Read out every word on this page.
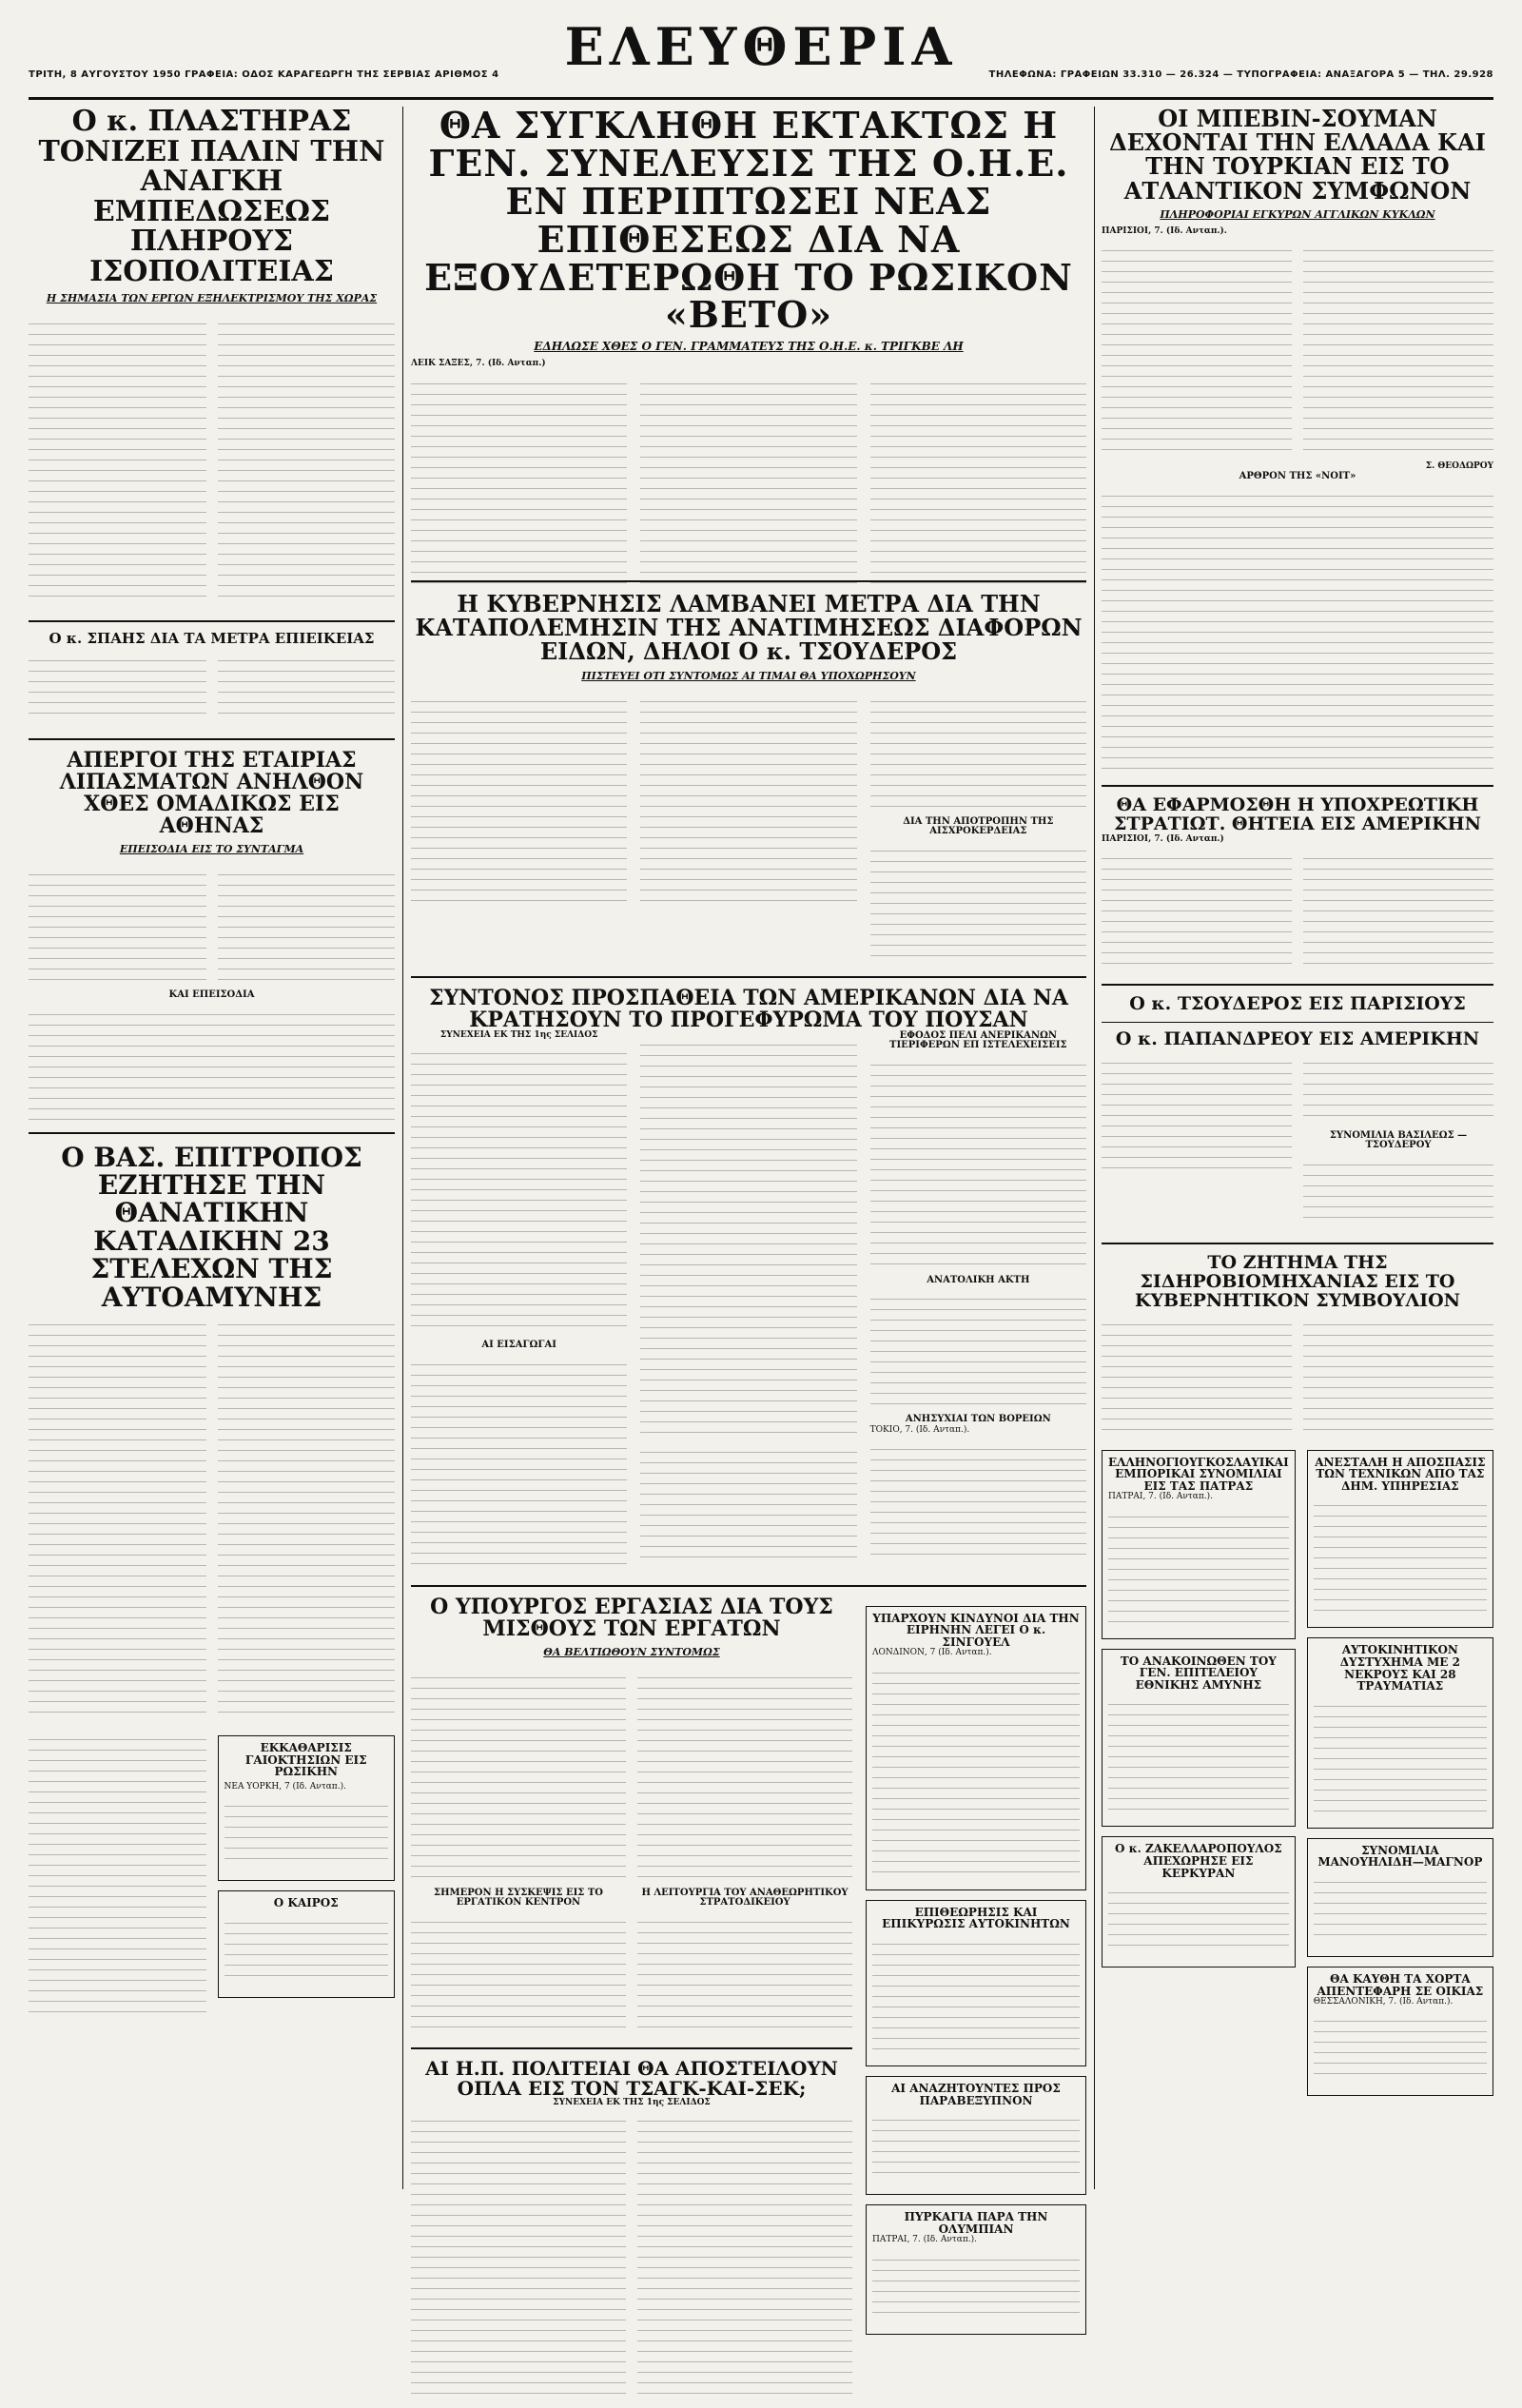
ΕΛΕΥΘΕΡΙΑ
ΤΡΙΤΗ, 8 ΑΥΓΟΥΣΤΟΥ 1950 ΓΡΑΦΕΙΑ: ΟΔΟΣ ΚΑΡΑΓΕΩΡΓΗ ΤΗΣ ΣΕΡΒΙΑΣ ΑΡΙΘΜΟΣ 4	ΤΗΛΕΦΩΝΑ: ΓΡΑΦΕΙΩΝ 33.310 — 26.324 — ΤΥΠΟΓΡΑΦΕΙΑ: ΑΝΑΞΑΓΟΡΑ 5 — ΤΗΛ. 29.928
Ο κ. ΠΛΑΣΤΗΡΑΣ ΤΟΝΙΖΕΙ ΠΑΛΙΝ ΤΗΝ ΑΝΑΓΚΗ ΕΜΠΕΔΩΣΕΩΣ ΠΛΗΡΟΥΣ ΙΣΟΠΟΛΙΤΕΙΑΣ
Η ΣΗΜΑΣΙΑ ΤΩΝ ΕΡΓΩΝ ΕΞΗΛΕΚΤΡΙΣΜΟΥ ΤΗΣ ΧΩΡΑΣ
Ο κ. ΣΠΑΗΣ ΔΙΑ ΤΑ ΜΕΤΡΑ ΕΠΙΕΙΚΕΙΑΣ
ΑΠΕΡΓΟΙ ΤΗΣ ΕΤΑΙΡΙΑΣ ΛΙΠΑΣΜΑΤΩΝ ΑΝΗΛΘΟΝ ΧΘΕΣ ΟΜΑΔΙΚΩΣ ΕΙΣ ΑΘΗΝΑΣ
ΕΠΕΙΣΟΔΙΑ ΕΙΣ ΤΟ ΣΥΝΤΑΓΜΑ
ΚΑΙ ΕΠΕΙΣΟΔΙΑ
Ο ΒΑΣ. ΕΠΙΤΡΟΠΟΣ ΕΖΗΤΗΣΕ ΤΗΝ ΘΑΝΑΤΙΚΗΝ ΚΑΤΑΔΙΚΗΝ 23 ΣΤΕΛΕΧΩΝ ΤΗΣ ΑΥΤΟΑΜΥΝΗΣ
ΕΚΚΑΘΑΡΙΣΙΣ ΓΑΙΟΚΤΗΣΙΩΝ ΕΙΣ ΡΩΣΙΚΗΝ
ΝΕΑ ΥΟΡΚΗ, 7 (Ιδ. Ανταπ.).
Ο ΚΑΙΡΟΣ
ΘΑ ΣΥΓΚΛΗΘΗ ΕΚΤΑΚΤΩΣ Η ΓΕΝ. ΣΥΝΕΛΕΥΣΙΣ ΤΗΣ Ο.Η.Ε. ΕΝ ΠΕΡΙΠΤΩΣΕΙ ΝΕΑΣ ΕΠΙΘΕΣΕΩΣ ΔΙΑ ΝΑ ΕΞΟΥΔΕΤΕΡΩΘΗ ΤΟ ΡΩΣΙΚΟΝ «ΒΕΤΟ»
ΕΔΗΛΩΣΕ ΧΘΕΣ Ο ΓΕΝ. ΓΡΑΜΜΑΤΕΥΣ ΤΗΣ Ο.Η.Ε. κ. ΤΡΙΓΚΒΕ ΛΗ
ΛΕΙΚ ΣΑΞΕΣ, 7. (Ιδ. Ανταπ.)
Η ΚΥΒΕΡΝΗΣΙΣ ΛΑΜΒΑΝΕΙ ΜΕΤΡΑ ΔΙΑ ΤΗΝ ΚΑΤΑΠΟΛΕΜΗΣΙΝ ΤΗΣ ΑΝΑΤΙΜΗΣΕΩΣ ΔΙΑΦΟΡΩΝ ΕΙΔΩΝ, ΔΗΛΟΙ Ο κ. ΤΣΟΥΔΕΡΟΣ
ΠΙΣΤΕΥΕΙ ΟΤΙ ΣΥΝΤΟΜΩΣ ΑΙ ΤΙΜΑΙ ΘΑ ΥΠΟΧΩΡΗΣΟΥΝ
ΔΙΑ ΤΗΝ ΑΠΟΤΡΟΠΗΝ ΤΗΣ ΑΙΣΧΡΟΚΕΡΔΕΙΑΣ
ΣΥΝΤΟΝΟΣ ΠΡΟΣΠΑΘΕΙΑ ΤΩΝ ΑΜΕΡΙΚΑΝΩΝ ΔΙΑ ΝΑ ΚΡΑΤΗΣΟΥΝ ΤΟ ΠΡΟΓΕΦΥΡΩΜΑ ΤΟΥ ΠΟΥΣΑΝ
ΣΥΝΕΧΕΙΑ ΕΚ ΤΗΣ 1ης ΣΕΛΙΔΟΣ
ΑΙ ΕΙΣΑΓΩΓΑΙ
ΕΦΟΔΟΣ ΠΕΛΙ ΑΝΕΡΙΚΑΝΩΝ ΤΙΕΡΙΦΕΡΩΝ ΕΠ ΙΣΤΕΛΕΧΕΙΣΕΙΣ
ΑΝΑΤΟΛΙΚΗ ΑΚΤΗ
ΑΝΗΣΥΧΙΑΙ ΤΩΝ ΒΟΡΕΙΩΝ
ΤΟΚΙΟ, 7. (Ιδ. Ανταπ.).
Ο ΥΠΟΥΡΓΟΣ ΕΡΓΑΣΙΑΣ ΔΙΑ ΤΟΥΣ ΜΙΣΘΟΥΣ ΤΩΝ ΕΡΓΑΤΩΝ
ΘΑ ΒΕΛΤΙΩΘΟΥΝ ΣΥΝΤΟΜΩΣ
ΣΗΜΕΡΟΝ Η ΣΥΣΚΕΨΙΣ ΕΙΣ ΤΟ ΕΡΓΑΤΙΚΟΝ ΚΕΝΤΡΟΝ
Η ΛΕΙΤΟΥΡΓΙΑ ΤΟΥ ΑΝΑΘΕΩΡΗΤΙΚΟΥ ΣΤΡΑΤΟΔΙΚΕΙΟΥ
ΑΙ Η.Π. ΠΟΛΙΤΕΙΑΙ ΘΑ ΑΠΟΣΤΕΙΛΟΥΝ ΟΠΛΑ ΕΙΣ ΤΟΝ ΤΣΑΓΚ-ΚΑΙ-ΣΕΚ;
ΣΥΝΕΧΕΙΑ ΕΚ ΤΗΣ 1ης ΣΕΛΙΔΟΣ
ΥΠΑΡΧΟΥΝ ΚΙΝΔΥΝΟΙ ΔΙΑ ΤΗΝ ΕΙΡΗΝΗΝ ΛΕΓΕΙ Ο κ. ΣΙΝΓΟΥΕΛ
ΛΟΝΔΙΝΟΝ, 7 (Ιδ. Ανταπ.).
ΕΠΙΘΕΩΡΗΣΙΣ ΚΑΙ ΕΠΙΚΥΡΩΣΙΣ ΑΥΤΟΚΙΝΗΤΩΝ
ΑΙ ΑΝΑΖΗΤΟΥΝΤΕΣ ΠΡΟΣ ΠΑΡΑΒΕΞΥΠΝΟΝ
ΠΥΡΚΑΓΙΑ ΠΑΡΑ ΤΗΝ ΟΛΥΜΠΙΑΝ
ΠΑΤΡΑΙ, 7. (Ιδ. Ανταπ.).
ΟΙ ΜΠΕΒΙΝ-ΣΟΥΜΑΝ ΔΕΧΟΝΤΑΙ ΤΗΝ ΕΛΛΑΔΑ ΚΑΙ ΤΗΝ ΤΟΥΡΚΙΑΝ ΕΙΣ ΤΟ ΑΤΛΑΝΤΙΚΟΝ ΣΥΜΦΩΝΟΝ
ΠΛΗΡΟΦΟΡΙΑΙ ΕΓΚΥΡΩΝ ΑΓΓΛΙΚΩΝ ΚΥΚΛΩΝ
ΠΑΡΙΣΙΟΙ, 7. (Ιδ. Ανταπ.).
Σ. ΘΕΟΔΩΡΟΥ
ΑΡΘΡΟΝ ΤΗΣ «ΝΟΙΤ»
ΘΑ ΕΦΑΡΜΟΣΘΗ Η ΥΠΟΧΡΕΩΤΙΚΗ ΣΤΡΑΤΙΩΤ. ΘΗΤΕΙΑ ΕΙΣ ΑΜΕΡΙΚΗΝ
ΠΑΡΙΣΙΟΙ, 7. (Ιδ. Ανταπ.)
Ο κ. ΤΣΟΥΔΕΡΟΣ ΕΙΣ ΠΑΡΙΣΙΟΥΣ
Ο κ. ΠΑΠΑΝΔΡΕΟΥ ΕΙΣ ΑΜΕΡΙΚΗΝ
ΣΥΝΟΜΙΛΙΑ ΒΑΣΙΛΕΩΣ — ΤΣΟΥΔΕΡΟΥ
ΤΟ ΖΗΤΗΜΑ ΤΗΣ ΣΙΔΗΡΟΒΙΟΜΗΧΑΝΙΑΣ ΕΙΣ ΤΟ ΚΥΒΕΡΝΗΤΙΚΟΝ ΣΥΜΒΟΥΛΙΟΝ
ΕΛΛΗΝΟΓΙΟΥΓΚΟΣΛΑΥΙΚΑΙ ΕΜΠΟΡΙΚΑΙ ΣΥΝΟΜΙΛΙΑΙ ΕΙΣ ΤΑΣ ΠΑΤΡΑΣ
ΠΑΤΡΑΙ, 7. (Ιδ. Ανταπ.).
ΤΟ ΑΝΑΚΟΙΝΩΘΕΝ ΤΟΥ ΓΕΝ. ΕΠΙΤΕΛΕΙΟΥ ΕΘΝΙΚΗΣ ΑΜΥΝΗΣ
Ο κ. ΖΑΚΕΛΛΑΡΟΠΟΥΛΟΣ ΑΠΕΧΩΡΗΣΕ ΕΙΣ ΚΕΡΚΥΡΑΝ
ΑΝΕΣΤΑΛΗ Η ΑΠΟΣΠΑΣΙΣ ΤΩΝ ΤΕΧΝΙΚΩΝ ΑΠΟ ΤΑΣ ΔΗΜ. ΥΠΗΡΕΣΙΑΣ
ΑΥΤΟΚΙΝΗΤΙΚΟΝ ΔΥΣΤΥΧΗΜΑ ΜΕ 2 ΝΕΚΡΟΥΣ ΚΑΙ 28 ΤΡΑΥΜΑΤΙΑΣ
ΣΥΝΟΜΙΛΙΑ ΜΑΝΟΥΗΛΙΔΗ—ΜΑΓΝΟΡ
ΘΑ ΚΑΥΘΗ ΤΑ ΧΟΡΤΑ ΑΠΕΝΤΕΦΑΡΗ ΣΕ ΟΙΚΙΑΣ
ΘΕΣΣΑΛΟΝΙΚΗ, 7. (Ιδ. Ανταπ.).
